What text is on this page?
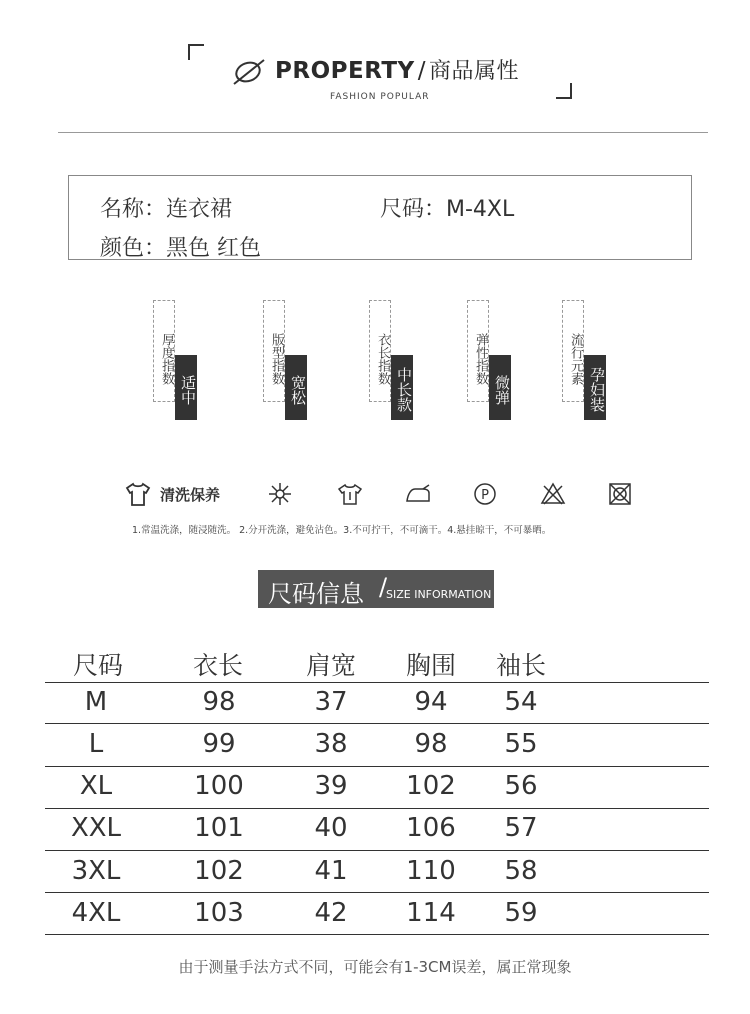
PROPERTY / 商品属性
FASHION POPULAR
名称：连衣裙	尺码：M-4XL
颜色：黑色 红色
厚度指数
适中
版型指数
宽松
衣长指数
中长款
弹性指数
微弹
流行元素
孕妇装
清洗保养	P
1.常温洗涤，随浸随洗。 2.分开洗涤，避免沾色。3.不可拧干，不可滴干。4.悬挂晾干，不可暴晒。
尺码信息 /
SIZE INFORMATION
尺码	衣长	肩宽	胸围	袖长
M	98	37	94	54
L	99	38	98	55
XL	100	39	102	56
XXL	101	40	106	57
3XL	102	41	110	58
4XL	103	42	114	59
由于测量手法方式不同，可能会有1-3CM误差，属正常现象
